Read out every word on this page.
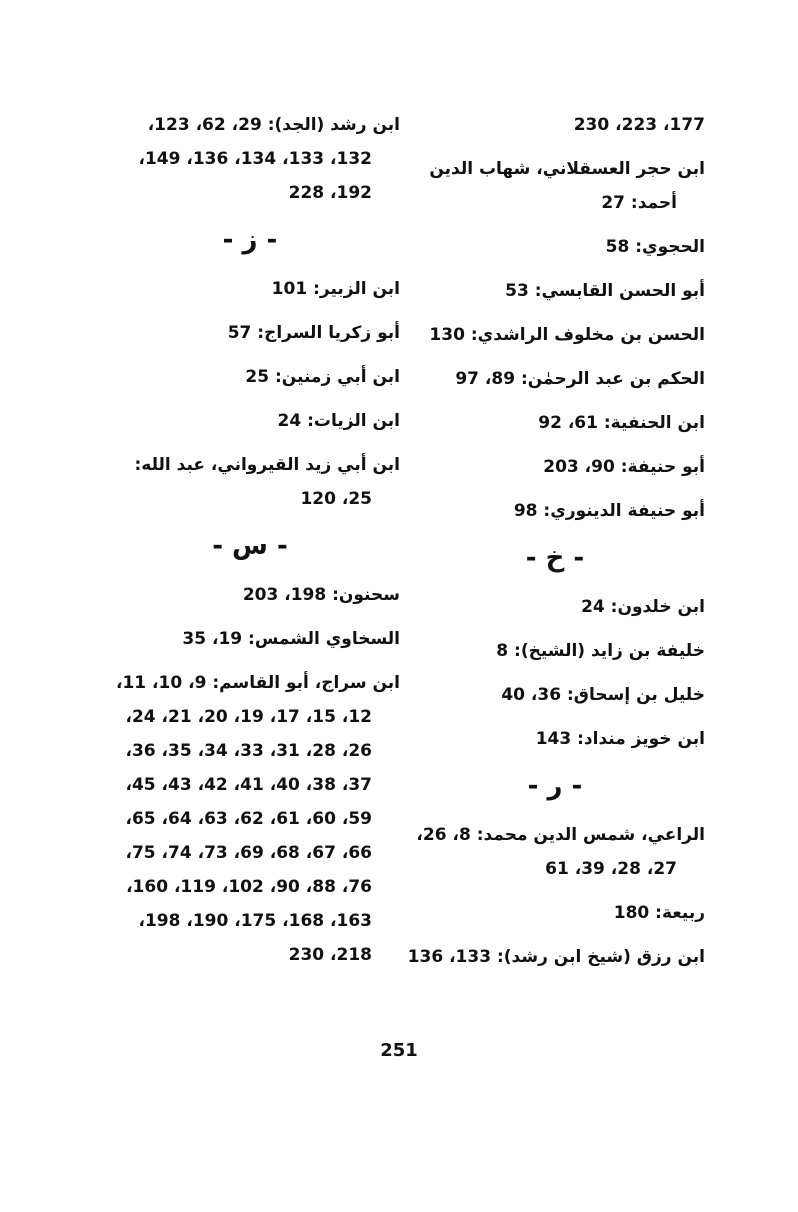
177، 223، 230
ابن حجر العسقلاني، شهاب الدين أحمد: 27
الحجوي: 58
أبو الحسن القابسي: 53
الحسن بن مخلوف الراشدي: 130
الحكم بن عبد الرحمٰن: 89، 97
ابن الحنفية: 61، 92
أبو حنيفة: 90، 203
أبو حنيفة الدينوري: 98
- خ -
ابن خلدون: 24
خليفة بن زايد (الشيخ): 8
خليل بن إسحاق: 36، 40
ابن خويز منداد: 143
- ر -
الراعي، شمس الدين محمد: 8، 26، 27، 28، 39، 61
ربيعة: 180
ابن رزق (شيخ ابن رشد): 133، 136
ابن رشد (الجد): 29، 62، 123، 132، 133، 134، 136، 149، 192، 228
- ز -
ابن الزبير: 101
أبو زكريا السراج: 57
ابن أبي زمنين: 25
ابن الزيات: 24
ابن أبي زيد القيرواني، عبد الله: 25، 120
- س -
سحنون: 198، 203
السخاوي الشمس: 19، 35
ابن سراج، أبو القاسم: 9، 10، 11، 12، 15، 17، 19، 20، 21، 24، 26، 28، 31، 33، 34، 35، 36، 37، 38، 40، 41، 42، 43، 45، 59، 60، 61، 62، 63، 64، 65، 66، 67، 68، 69، 73، 74، 75، 76، 88، 90، 102، 119، 160، 163، 168، 175، 190، 198، 218، 230
251
